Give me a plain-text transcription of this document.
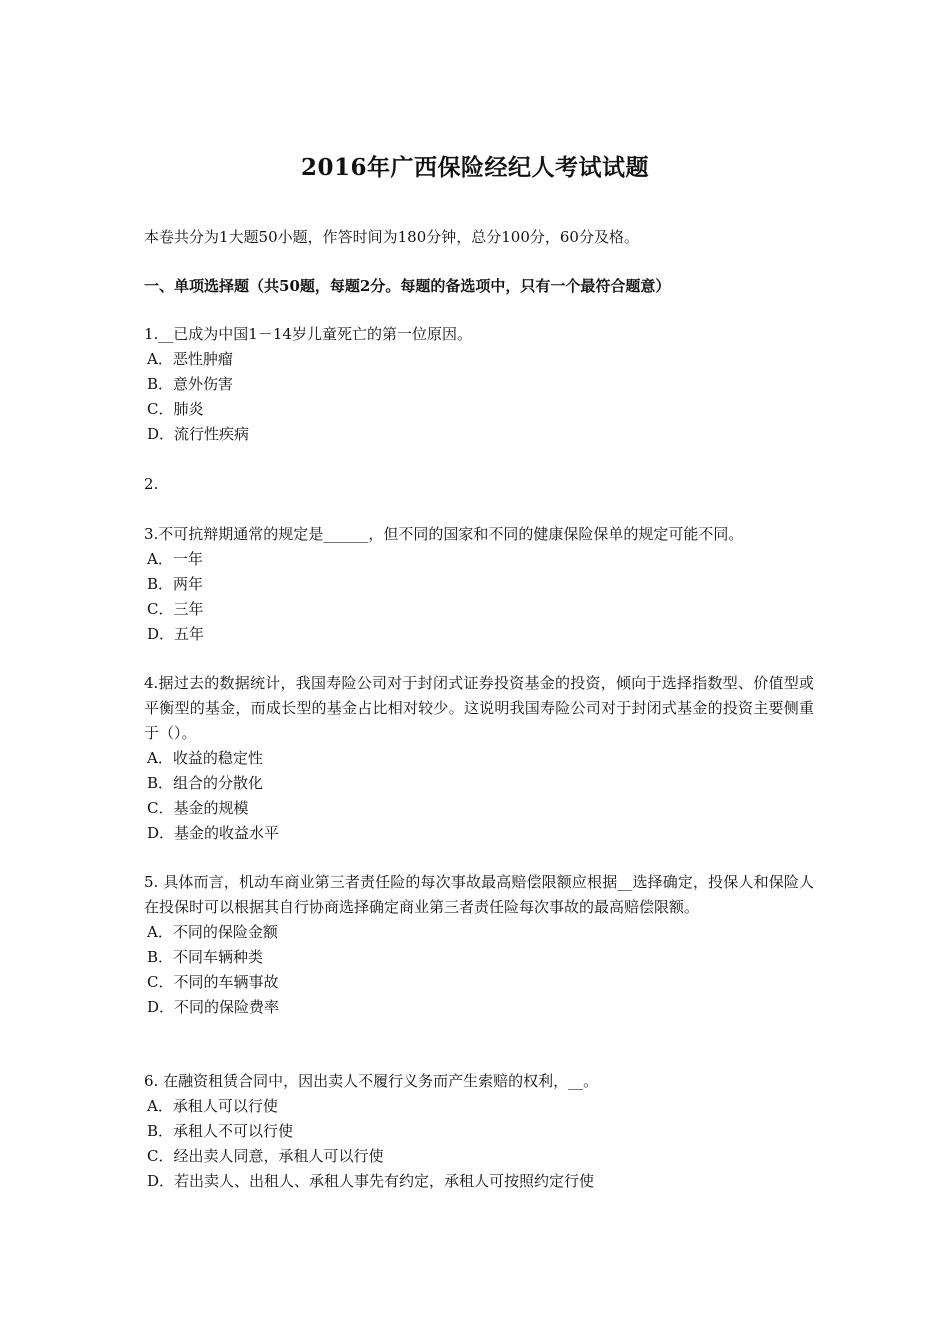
2016年广西保险经纪人考试试题
本卷共分为1大题50小题，作答时间为180分钟，总分100分，60分及格。
一、单项选择题（共50题，每题2分。每题的备选项中，只有一个最符合题意）
1.__已成为中国1－14岁儿童死亡的第一位原因。
A．恶性肿瘤
B．意外伤害
C．肺炎
D．流行性疾病
2.
3.不可抗辩期通常的规定是______，但不同的国家和不同的健康保险保单的规定可能不同。
A．一年
B．两年
C．三年
D．五年
4.据过去的数据统计，我国寿险公司对于封闭式证券投资基金的投资，倾向于选择指数型、价值型或平衡型的基金，而成长型的基金占比相对较少。这说明我国寿险公司对于封闭式基金的投资主要侧重于（）。
A．收益的稳定性
B．组合的分散化
C．基金的规模
D．基金的收益水平
5. 具体而言，机动车商业第三者责任险的每次事故最高赔偿限额应根据__选择确定，投保人和保险人在投保时可以根据其自行协商选择确定商业第三者责任险每次事故的最高赔偿限额。
A．不同的保险金额
B．不同车辆种类
C．不同的车辆事故
D．不同的保险费率
6. 在融资租赁合同中，因出卖人不履行义务而产生索赔的权利，__。
A．承租人可以行使
B．承租人不可以行使
C．经出卖人同意，承租人可以行使
D．若出卖人、出租人、承租人事先有约定，承租人可按照约定行使
